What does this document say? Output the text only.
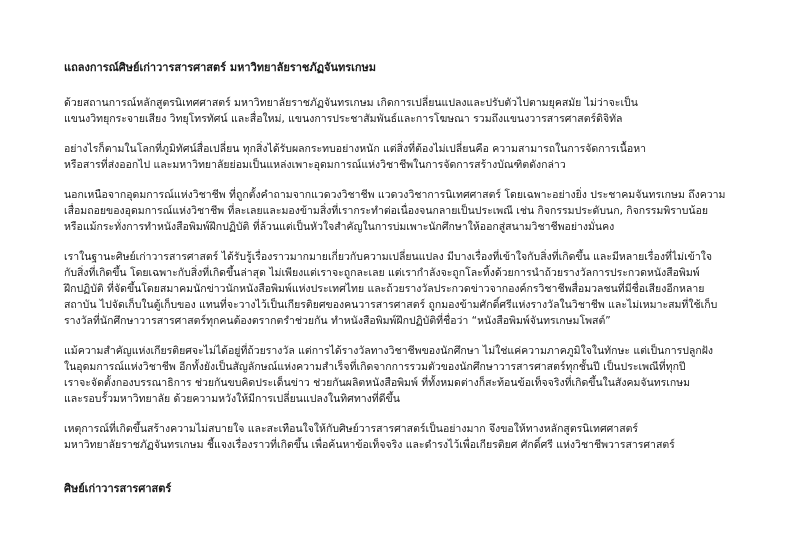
แถลงการณ์ศิษย์เก่าวารสารศาสตร์ มหาวิทยาลัยราชภัฏจันทรเกษม
ด้วยสถานการณ์หลักสูตรนิเทศศาสตร์ มหาวิทยาลัยราชภัฏจันทรเกษม เกิดการเปลี่ยนแปลงและปรับตัวไปตามยุคสมัย ไม่ว่าจะเป็น
แขนงวิทยุกระจายเสียง วิทยุโทรทัศน์ และสื่อใหม่, แขนงการประชาสัมพันธ์และการโฆษณา รวมถึงแขนงวารสารศาสตร์ดิจิทัล
อย่างไรก็ตามในโลกที่ภูมิทัศน์สื่อเปลี่ยน ทุกสิ่งได้รับผลกระทบอย่างหนัก แต่สิ่งที่ต้องไม่เปลี่ยนคือ ความสามารถในการจัดการเนื้อหา
หรือสารที่ส่งออกไป และมหาวิทยาลัยย่อมเป็นแหล่งเพาะอุดมการณ์แห่งวิชาชีพในการจัดการสร้างบัณฑิตดังกล่าว
นอกเหนือจากอุดมการณ์แห่งวิชาชีพ ที่ถูกตั้งคำถามจากแวดวงวิชาชีพ แวดวงวิชาการนิเทศศาสตร์ โดยเฉพาะอย่างยิ่ง ประชาคมจันทรเกษม ถึงความ
เสื่อมถอยของอุดมการณ์แห่งวิชาชีพ ที่ละเลยและมองข้ามสิ่งที่เรากระทำต่อเนื่องจนกลายเป็นประเพณี เช่น กิจกรรมประดับนก, กิจกรรมพิราบน้อย
หรือแม้กระทั่งการทำหนังสือพิมพ์ฝึกปฏิบัติ ที่ล้วนแต่เป็นหัวใจสำคัญในการบ่มเพาะนักศึกษาให้ออกสู่สนามวิชาชีพอย่างมั่นคง
เราในฐานะศิษย์เก่าวารสารศาสตร์ ได้รับรู้เรื่องราวมากมายเกี่ยวกับความเปลี่ยนแปลง มีบางเรื่องที่เข้าใจกับสิ่งที่เกิดขึ้น และมีหลายเรื่องที่ไม่เข้าใจ
กับสิ่งที่เกิดขึ้น โดยเฉพาะกับสิ่งที่เกิดขึ้นล่าสุด ไม่เพียงแต่เราจะถูกละเลย แต่เรากำลังจะถูกโละทิ้งด้วยการนำถ้วยรางวัลการประกวดหนังสือพิมพ์
ฝึกปฏิบัติ ที่จัดขึ้นโดยสมาคมนักข่าวนักหนังสือพิมพ์แห่งประเทศไทย และถ้วยรางวัลประกวดข่าวจากองค์กรวิชาชีพสื่อมวลชนที่มีชื่อเสียงอีกหลาย
สถาบัน ไปจัดเก็บในตู้เก็บของ แทนที่จะวางไว้เป็นเกียรติยศของคนวารสารศาสตร์ ถูกมองข้ามศักดิ์ศรีแห่งรางวัลในวิชาชีพ และไม่เหมาะสมที่ใช้เก็บ
รางวัลที่นักศึกษาวารสารศาสตร์ทุกคนต้องตรากตรำช่วยกัน ทำหนังสือพิมพ์ฝึกปฏิบัติที่ชื่อว่า “หนังสือพิมพ์จันทรเกษมโพสต์”
แม้ความสำคัญแห่งเกียรติยศจะไม่ได้อยู่ที่ถ้วยรางวัล แต่การได้รางวัลทางวิชาชีพของนักศึกษา ไม่ใช่แค่ความภาคภูมิใจในทักษะ แต่เป็นการปลูกฝัง
ในอุดมการณ์แห่งวิชาชีพ อีกทั้งยังเป็นสัญลักษณ์แห่งความสำเร็จที่เกิดจากการรวมตัวของนักศึกษาวารสารศาสตร์ทุกชั้นปี เป็นประเพณีที่ทุกปี
เราจะจัดตั้งกองบรรณาธิการ ช่วยกันขบคิดประเด็นข่าว ช่วยกันผลิตหนังสือพิมพ์ ที่ทั้งหมดต่างก็สะท้อนข้อเท็จจริงที่เกิดขึ้นในสังคมจันทรเกษม
และรอบรั้วมหาวิทยาลัย ด้วยความหวังให้มีการเปลี่ยนแปลงในทิศทางที่ดีขึ้น
เหตุการณ์ที่เกิดขึ้นสร้างความไม่สบายใจ และสะเทือนใจให้กับศิษย์วารสารศาสตร์เป็นอย่างมาก จึงขอให้ทางหลักสูตรนิเทศศาสตร์
มหาวิทยาลัยราชภัฏจันทรเกษม ชี้แจงเรื่องราวที่เกิดขึ้น เพื่อค้นหาข้อเท็จจริง และดำรงไว้เพื่อเกียรติยศ ศักดิ์ศรี แห่งวิชาชีพวารสารศาสตร์
ศิษย์เก่าวารสารศาสตร์
